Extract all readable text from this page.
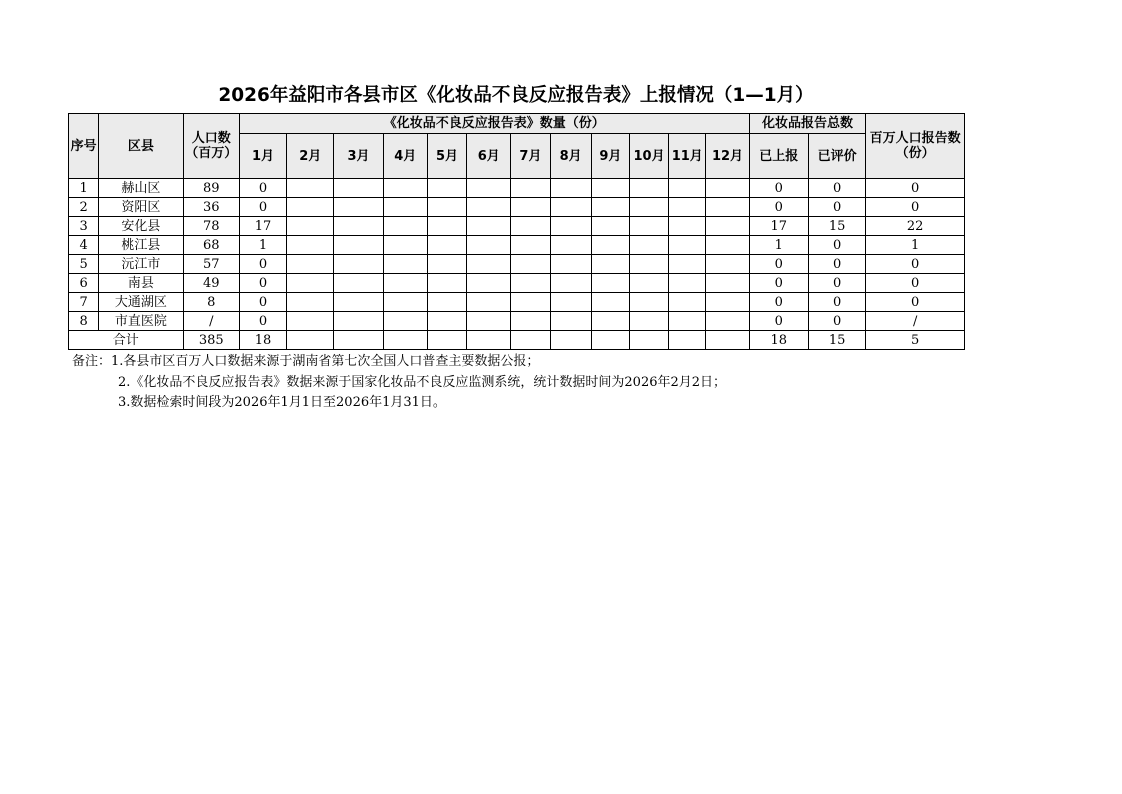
2026年益阳市各县市区《化妆品不良反应报告表》上报情况（1—1月）
序号	区县	人口数（百万）	《化妆品不良反应报告表》数量（份）												化妆品报告总数		百万人口报告数（份）
			1月	2月	3月	4月	5月	6月	7月	8月	9月	10月	11月	12月	已上报	已评价	
1	赫山区	89	0												0	0	0
2	资阳区	36	0												0	0	0
3	安化县	78	17												17	15	22
4	桃江县	68	1												1	0	1
5	沅江市	57	0												0	0	0
6	南县	49	0												0	0	0
7	大通湖区	8	0												0	0	0
8	市直医院	/	0												0	0	/
合计		385	18												18	15	5
备注：1.各县市区百万人口数据来源于湖南省第七次全国人口普查主要数据公报；
2.《化妆品不良反应报告表》数据来源于国家化妆品不良反应监测系统，统计数据时间为2026年2月2日；
3.数据检索时间段为2026年1月1日至2026年1月31日。
